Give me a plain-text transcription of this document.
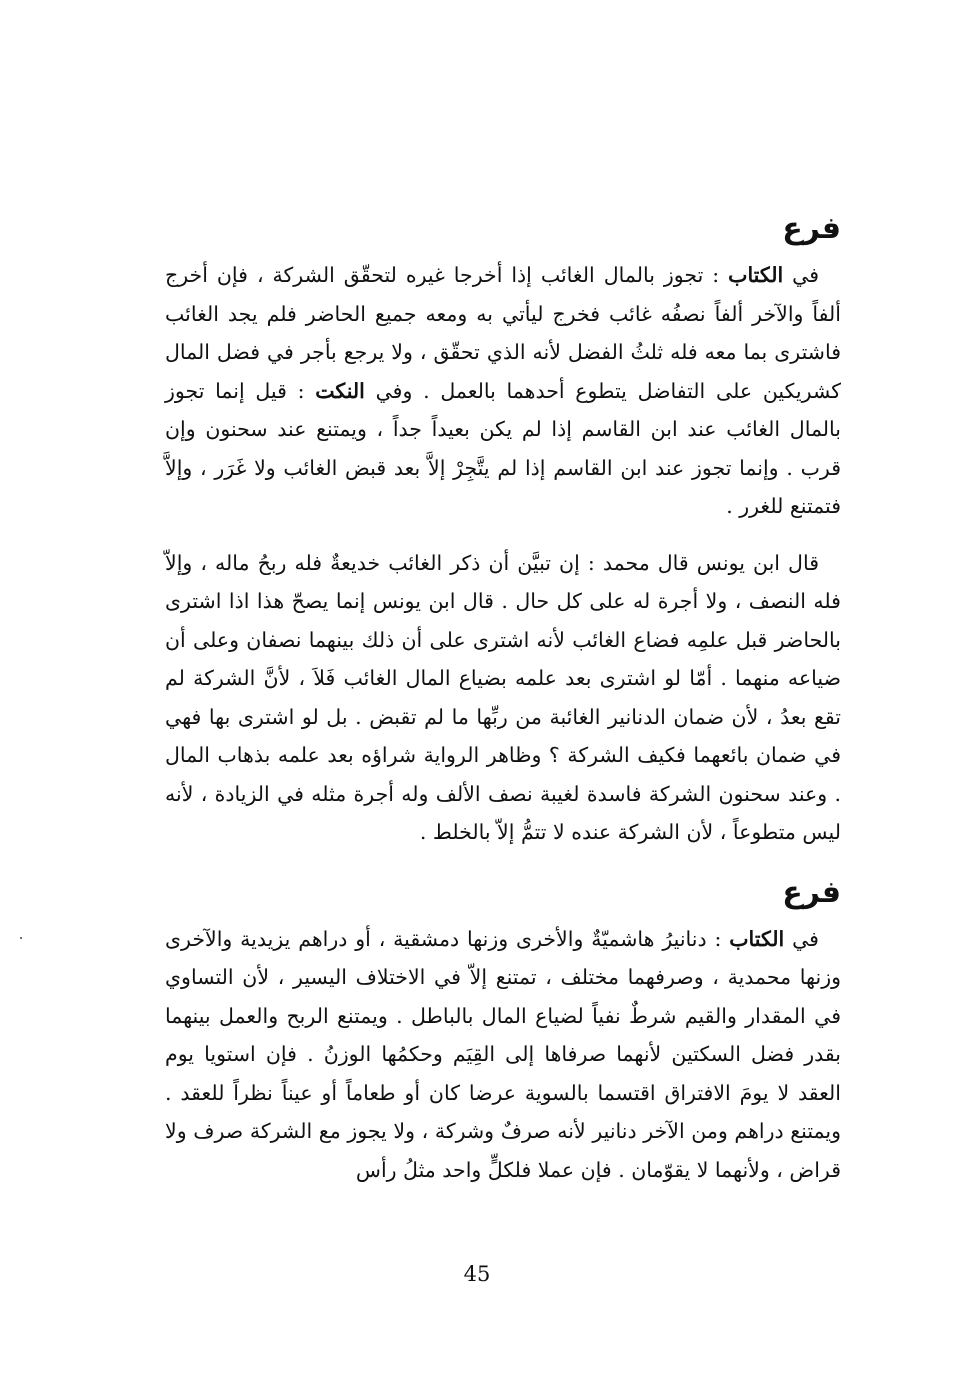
فرع

في الكتاب : تجوز بالمال الغائب إذا أخرجا غيره لتحقّق الشركة ، فإن أخرج ألفاً والآخر ألفاً نصفُه غائب فخرج ليأتي به ومعه جميع الحاضر فلم يجد الغائب فاشترى بما معه فله ثلثُ الفضل لأنه الذي تحقّق ، ولا يرجع بأجر في فضل المال كشريكين على التفاضل يتطوع أحدهما بالعمل . وفي النكت : قيل إنما تجوز بالمال الغائب عند ابن القاسم إذا لم يكن بعيداً جداً ، ويمتنع عند سحنون وإن قرب . وإنما تجوز عند ابن القاسم إذا لم يتَّجِرْ إلاَّ بعد قبض الغائب ولا غَرَر ، وإلاَّ فتمتنع للغرر .

قال ابن يونس قال محمد : إن تبيَّن أن ذكر الغائب خديعةٌ فله ربحُ ماله ، وإلاّ فله النصف ، ولا أجرة له على كل حال . قال ابن يونس إنما يصحّ هذا اذا اشترى بالحاضر قبل علمِه فضاع الغائب لأنه اشترى على أن ذلك بينهما نصفان وعلى أن ضياعه منهما . أمّا لو اشترى بعد علمه بضياع المال الغائب فَلاَ ، لأنَّ الشركة لم تقع بعدُ ، لأن ضمان الدنانير الغائبة من ربِّها ما لم تقبض . بل لو اشترى بها فهي في ضمان بائعهما فكيف الشركة ؟ وظاهر الرواية شراؤه بعد علمه بذهاب المال . وعند سحنون الشركة فاسدة لغيبة نصف الألف وله أجرة مثله في الزيادة ، لأنه ليس متطوعاً ، لأن الشركة عنده لا تتمُّ إلاّ بالخلط .

فرع

في الكتاب : دنانيرُ هاشميّةٌ والأخرى وزنها دمشقية ، أو دراهم يزيدية والآخرى وزنها محمدية ، وصرفهما مختلف ، تمتنع إلاّ في الاختلاف اليسير ، لأن التساوي في المقدار والقيم شرطٌ نفياً لضياع المال بالباطل . ويمتنع الربح والعمل بينهما بقدر فضل السكتين لأنهما صرفاها إلى القِيَم وحكمُها الوزنُ . فإن استويا يوم العقد لا يومَ الافتراق اقتسما بالسوية عرضا كان أو طعاماً أو عيناً نظراً للعقد . ويمتنع دراهم ومن الآخر دنانير لأنه صرفٌ وشركة ، ولا يجوز مع الشركة صرف ولا قراض ، ولأنهما لا يقوّمان . فإن عملا فلكلٍّ واحد مثلُ رأس

45
